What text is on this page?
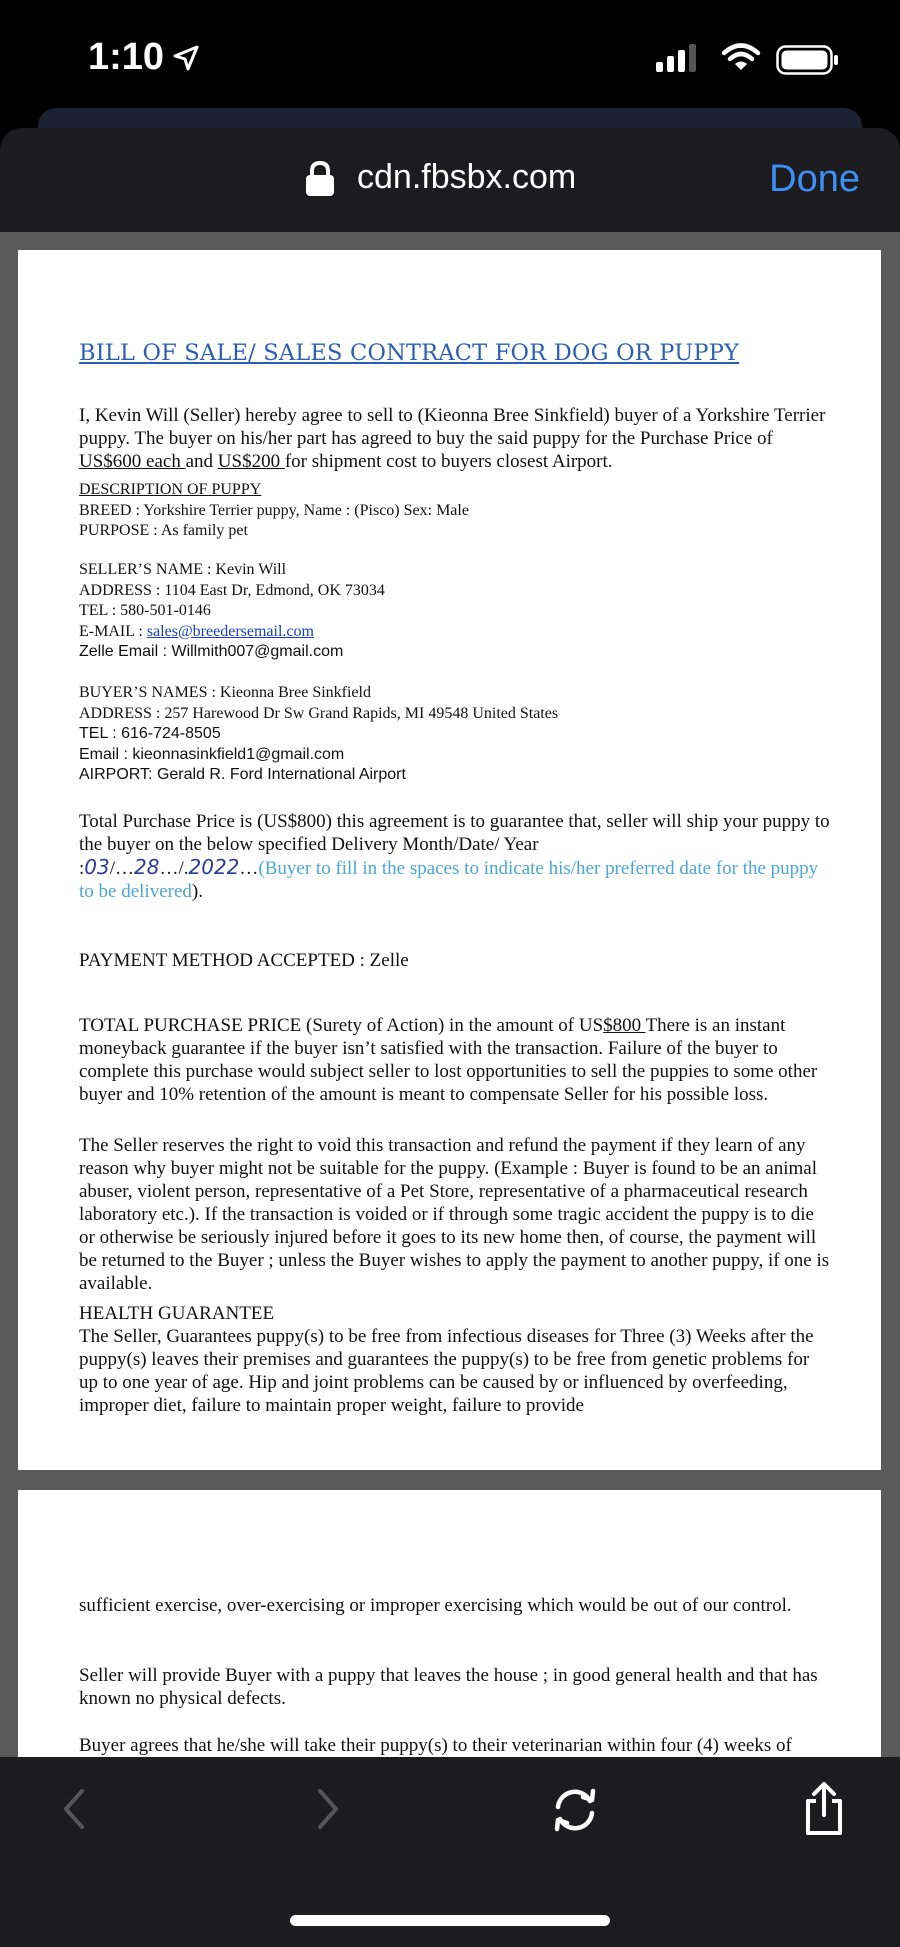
1:10
cdn.fbsbx.com	Done
BILL OF SALE/ SALES CONTRACT FOR DOG OR PUPPY

I, Kevin Will (Seller) hereby agree to sell to (Kieonna Bree Sinkfield) buyer of a Yorkshire Terrier puppy. The buyer on his/her part has agreed to buy the said puppy for the Purchase Price of US$600 each and US$200 for shipment cost to buyers closest Airport.

DESCRIPTION OF PUPPY
BREED : Yorkshire Terrier puppy, Name : (Pisco) Sex: Male
PURPOSE : As family pet
SELLER’S NAME : Kevin Will
ADDRESS : 1104 East Dr, Edmond, OK 73034
TEL : 580-501-0146
E-MAIL : sales@breedersemail.com
Zelle Email : Willmith007@gmail.com
BUYER’S NAMES : Kieonna Bree Sinkfield
ADDRESS : 257 Harewood Dr Sw Grand Rapids, MI 49548 United States
TEL : 616-724-8505
Email : kieonnasinkfield1@gmail.com
AIRPORT: Gerald R. Ford International Airport
Total Purchase Price is (US$800) this agreement is to guarantee that, seller will ship your puppy to the buyer on the below specified Delivery Month/Date/ Year
:03/…28…/.2022…(Buyer to fill in the spaces to indicate his/her preferred date for the puppy to be delivered).

PAYMENT METHOD ACCEPTED : Zelle

TOTAL PURCHASE PRICE (Surety of Action) in the amount of US$800 There is an instant moneyback guarantee if the buyer isn’t satisfied with the transaction. Failure of the buyer to complete this purchase would subject seller to lost opportunities to sell the puppies to some other buyer and 10% retention of the amount is meant to compensate Seller for his possible loss.

The Seller reserves the right to void this transaction and refund the payment if they learn of any reason why buyer might not be suitable for the puppy. (Example : Buyer is found to be an animal abuser, violent person, representative of a Pet Store, representative of a pharmaceutical research laboratory etc.). If the transaction is voided or if through some tragic accident the puppy is to die or otherwise be seriously injured before it goes to its new home then, of course, the payment will be returned to the Buyer ; unless the Buyer wishes to apply the payment to another puppy, if one is available.

HEALTH GUARANTEE
The Seller, Guarantees puppy(s) to be free from infectious diseases for Three (3) Weeks after the puppy(s) leaves their premises and guarantees the puppy(s) to be free from genetic problems for up to one year of age. Hip and joint problems can be caused by or influenced by overfeeding, improper diet, failure to maintain proper weight, failure to provide

sufficient exercise, over-exercising or improper exercising which would be out of our control.

Seller will provide Buyer with a puppy that leaves the house ; in good general health and that has known no physical defects.

Buyer agrees that he/she will take their puppy(s) to their veterinarian within four (4) weeks of
